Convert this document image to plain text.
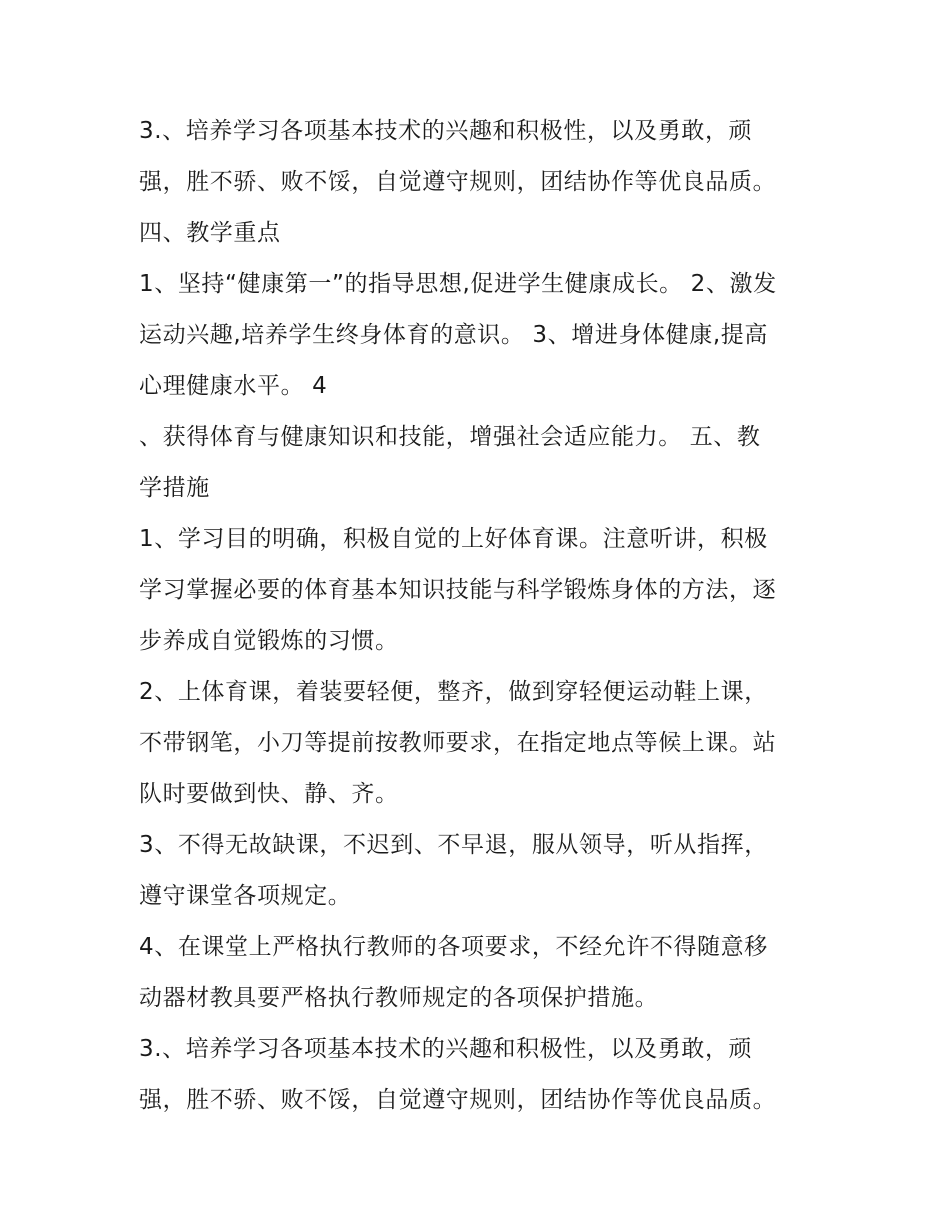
3.、培养学习各项基本技术的兴趣和积极性，以及勇敢，顽
强，胜不骄、败不馁，自觉遵守规则，团结协作等优良品质。
四、教学重点
1、坚持“健康第一”的指导思想,促进学生健康成长。 2、激发
运动兴趣,培养学生终身体育的意识。 3、增进身体健康,提高
心理健康水平。 4
、获得体育与健康知识和技能，增强社会适应能力。 五、教
学措施
1、学习目的明确，积极自觉的上好体育课。注意听讲，积极
学习掌握必要的体育基本知识技能与科学锻炼身体的方法，逐
步养成自觉锻炼的习惯。
2、上体育课，着装要轻便，整齐，做到穿轻便运动鞋上课，
不带钢笔，小刀等提前按教师要求，在指定地点等候上课。站
队时要做到快、静、齐。
3、不得无故缺课，不迟到、不早退，服从领导，听从指挥，
遵守课堂各项规定。
4、在课堂上严格执行教师的各项要求，不经允许不得随意移
动器材教具要严格执行教师规定的各项保护措施。
3.、培养学习各项基本技术的兴趣和积极性，以及勇敢，顽
强，胜不骄、败不馁，自觉遵守规则，团结协作等优良品质。
